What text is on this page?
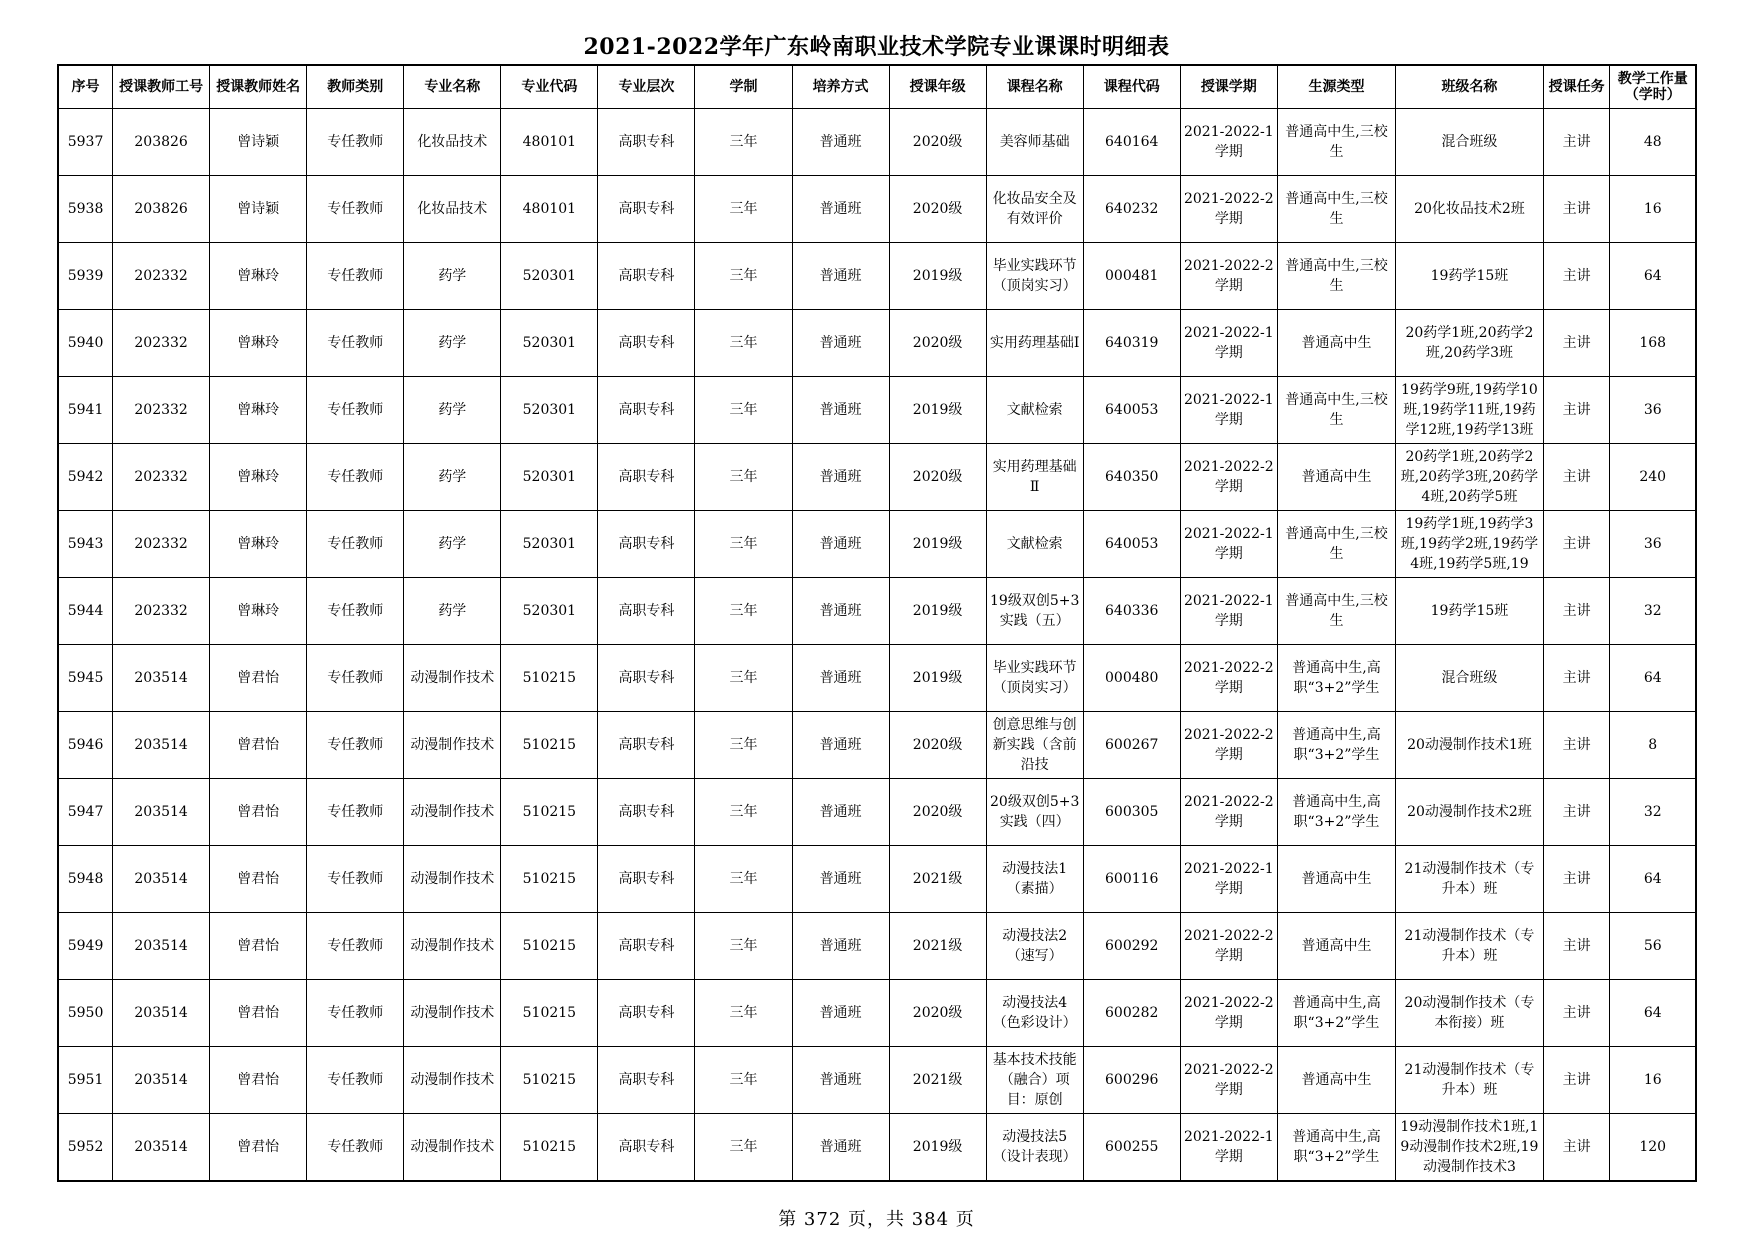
2021-2022学年广东岭南职业技术学院专业课课时明细表
序号	授课教师工号	授课教师姓名	教师类别	专业名称	专业代码	专业层次	学制	培养方式	授课年级	课程名称	课程代码	授课学期	生源类型	班级名称	授课任务	教学工作量（学时）

5937	203826	曾诗颖	专任教师	化妆品技术	480101	高职专科	三年	普通班	2020级	美容师基础	640164	2021-2022-1学期	普通高中生,三校生	混合班级	主讲	48

5938	203826	曾诗颖	专任教师	化妆品技术	480101	高职专科	三年	普通班	2020级	化妆品安全及有效评价	640232	2021-2022-2学期	普通高中生,三校生	20化妆品技术2班	主讲	16

5939	202332	曾琳玲	专任教师	药学	520301	高职专科	三年	普通班	2019级	毕业实践环节（顶岗实习）	000481	2021-2022-2学期	普通高中生,三校生	19药学15班	主讲	64

5940	202332	曾琳玲	专任教师	药学	520301	高职专科	三年	普通班	2020级	实用药理基础I	640319	2021-2022-1学期	普通高中生	20药学1班,20药学2班,20药学3班	主讲	168

5941	202332	曾琳玲	专任教师	药学	520301	高职专科	三年	普通班	2019级	文献检索	640053	2021-2022-1学期	普通高中生,三校生	19药学9班,19药学10班,19药学11班,19药学12班,19药学13班	主讲	36

5942	202332	曾琳玲	专任教师	药学	520301	高职专科	三年	普通班	2020级	实用药理基础Ⅱ	640350	2021-2022-2学期	普通高中生	20药学1班,20药学2班,20药学3班,20药学4班,20药学5班	主讲	240

5943	202332	曾琳玲	专任教师	药学	520301	高职专科	三年	普通班	2019级	文献检索	640053	2021-2022-1学期	普通高中生,三校生	19药学1班,19药学3班,19药学2班,19药学4班,19药学5班,19	主讲	36

5944	202332	曾琳玲	专任教师	药学	520301	高职专科	三年	普通班	2019级	19级双创5+3实践（五）	640336	2021-2022-1学期	普通高中生,三校生	19药学15班	主讲	32

5945	203514	曾君怡	专任教师	动漫制作技术	510215	高职专科	三年	普通班	2019级	毕业实践环节（顶岗实习）	000480	2021-2022-2学期	普通高中生,高职“3+2”学生	混合班级	主讲	64

5946	203514	曾君怡	专任教师	动漫制作技术	510215	高职专科	三年	普通班	2020级	创意思维与创新实践（含前沿技	600267	2021-2022-2学期	普通高中生,高职“3+2”学生	20动漫制作技术1班	主讲	8

5947	203514	曾君怡	专任教师	动漫制作技术	510215	高职专科	三年	普通班	2020级	20级双创5+3实践（四）	600305	2021-2022-2学期	普通高中生,高职“3+2”学生	20动漫制作技术2班	主讲	32

5948	203514	曾君怡	专任教师	动漫制作技术	510215	高职专科	三年	普通班	2021级	动漫技法1（素描）	600116	2021-2022-1学期	普通高中生	21动漫制作技术（专升本）班	主讲	64

5949	203514	曾君怡	专任教师	动漫制作技术	510215	高职专科	三年	普通班	2021级	动漫技法2（速写）	600292	2021-2022-2学期	普通高中生	21动漫制作技术（专升本）班	主讲	56

5950	203514	曾君怡	专任教师	动漫制作技术	510215	高职专科	三年	普通班	2020级	动漫技法4（色彩设计）	600282	2021-2022-2学期	普通高中生,高职“3+2”学生	20动漫制作技术（专本衔接）班	主讲	64

5951	203514	曾君怡	专任教师	动漫制作技术	510215	高职专科	三年	普通班	2021级	基本技术技能（融合）项目：原创	600296	2021-2022-2学期	普通高中生	21动漫制作技术（专升本）班	主讲	16

5952	203514	曾君怡	专任教师	动漫制作技术	510215	高职专科	三年	普通班	2019级	动漫技法5（设计表现）	600255	2021-2022-1学期	普通高中生,高职“3+2”学生	19动漫制作技术1班,19动漫制作技术2班,19动漫制作技术3	主讲	120
第 372 页，共 384 页
